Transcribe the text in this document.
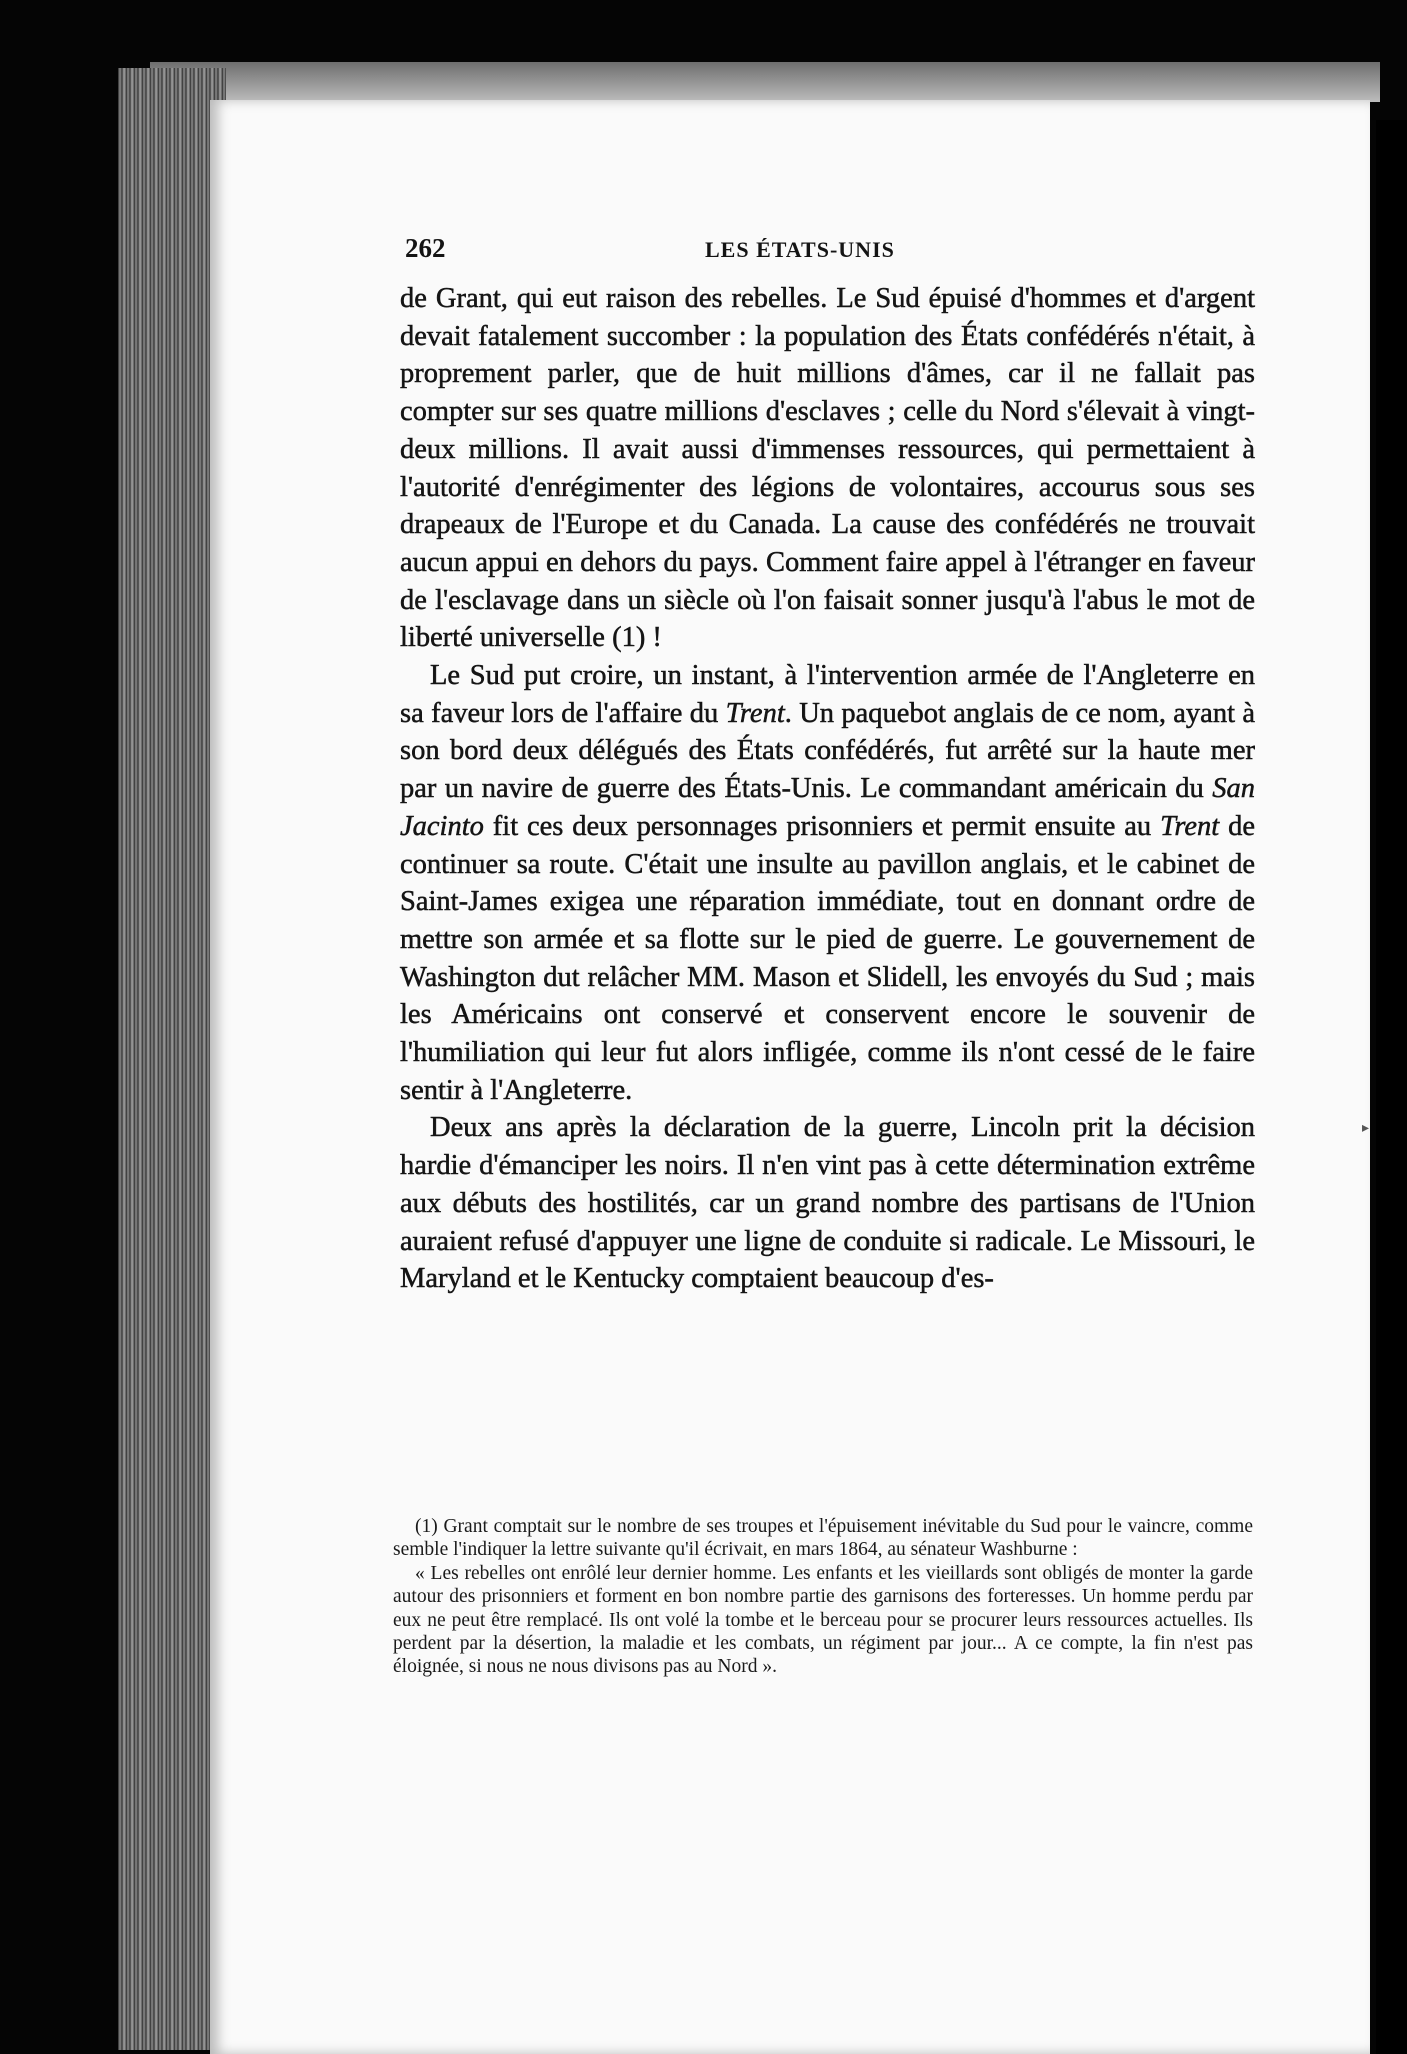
▸
262	LES ÉTATS-UNIS

de Grant, qui eut raison des rebelles. Le Sud épuisé d'hommes et d'argent devait fatalement succomber : la population des États confédérés n'était, à proprement parler, que de huit millions d'âmes, car il ne fallait pas compter sur ses quatre millions d'esclaves ; celle du Nord s'élevait à vingt-deux millions. Il avait aussi d'immenses ressources, qui permettaient à l'autorité d'enrégimenter des légions de volontaires, accourus sous ses drapeaux de l'Europe et du Canada. La cause des confédérés ne trouvait aucun appui en dehors du pays. Comment faire appel à l'étranger en faveur de l'esclavage dans un siècle où l'on faisait sonner jusqu'à l'abus le mot de liberté universelle (1) !

Le Sud put croire, un instant, à l'intervention armée de l'Angleterre en sa faveur lors de l'affaire du Trent. Un paquebot anglais de ce nom, ayant à son bord deux délégués des États confédérés, fut arrêté sur la haute mer par un navire de guerre des États-Unis. Le commandant américain du San Jacinto fit ces deux personnages prisonniers et permit ensuite au Trent de continuer sa route. C'était une insulte au pavillon anglais, et le cabinet de Saint-James exigea une réparation immédiate, tout en donnant ordre de mettre son armée et sa flotte sur le pied de guerre. Le gouvernement de Washington dut relâcher MM. Mason et Slidell, les envoyés du Sud ; mais les Américains ont conservé et conservent encore le souvenir de l'humiliation qui leur fut alors infligée, comme ils n'ont cessé de le faire sentir à l'Angleterre.

Deux ans après la déclaration de la guerre, Lincoln prit la décision hardie d'émanciper les noirs. Il n'en vint pas à cette détermination extrême aux débuts des hostilités, car un grand nombre des partisans de l'Union auraient refusé d'appuyer une ligne de conduite si radicale. Le Missouri, le Maryland et le Kentucky comptaient beaucoup d'es-

(1) Grant comptait sur le nombre de ses troupes et l'épuisement inévitable du Sud pour le vaincre, comme semble l'indiquer la lettre suivante qu'il écrivait, en mars 1864, au sénateur Washburne :

« Les rebelles ont enrôlé leur dernier homme. Les enfants et les vieillards sont obligés de monter la garde autour des prisonniers et forment en bon nombre partie des garnisons des forteresses. Un homme perdu par eux ne peut être remplacé. Ils ont volé la tombe et le berceau pour se procurer leurs ressources actuelles. Ils perdent par la désertion, la maladie et les combats, un régiment par jour... A ce compte, la fin n'est pas éloignée, si nous ne nous divisons pas au Nord ».
